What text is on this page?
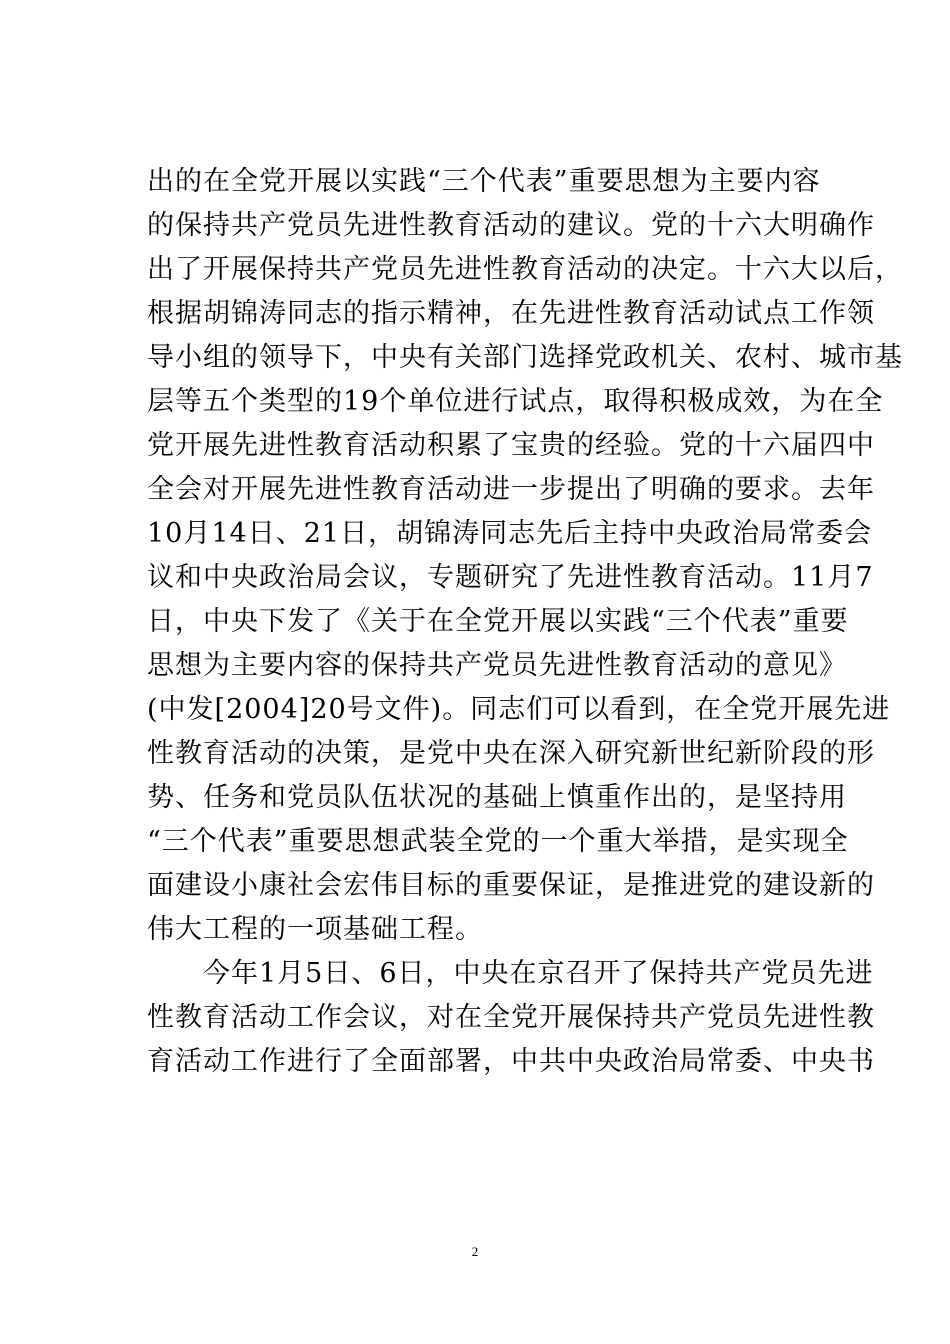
出的在全党开展以实践“三个代表”重要思想为主要内容
的保持共产党员先进性教育活动的建议。党的十六大明确作
出了开展保持共产党员先进性教育活动的决定。十六大以后，
根据胡锦涛同志的指示精神，在先进性教育活动试点工作领
导小组的领导下，中央有关部门选择党政机关、农村、城市基
层等五个类型的19个单位进行试点，取得积极成效，为在全
党开展先进性教育活动积累了宝贵的经验。党的十六届四中
全会对开展先进性教育活动进一步提出了明确的要求。去年
10月14日、21日，胡锦涛同志先后主持中央政治局常委会
议和中央政治局会议，专题研究了先进性教育活动。11月7
日，中央下发了《关于在全党开展以实践“三个代表”重要
思想为主要内容的保持共产党员先进性教育活动的意见》
(中发[2004]20号文件)。同志们可以看到，在全党开展先进
性教育活动的决策，是党中央在深入研究新世纪新阶段的形
势、任务和党员队伍状况的基础上慎重作出的，是坚持用
“三个代表”重要思想武装全党的一个重大举措，是实现全
面建设小康社会宏伟目标的重要保证，是推进党的建设新的
伟大工程的一项基础工程。
　　今年1月5日、6日，中央在京召开了保持共产党员先进
性教育活动工作会议，对在全党开展保持共产党员先进性教
育活动工作进行了全面部署，中共中央政治局常委、中央书
2
